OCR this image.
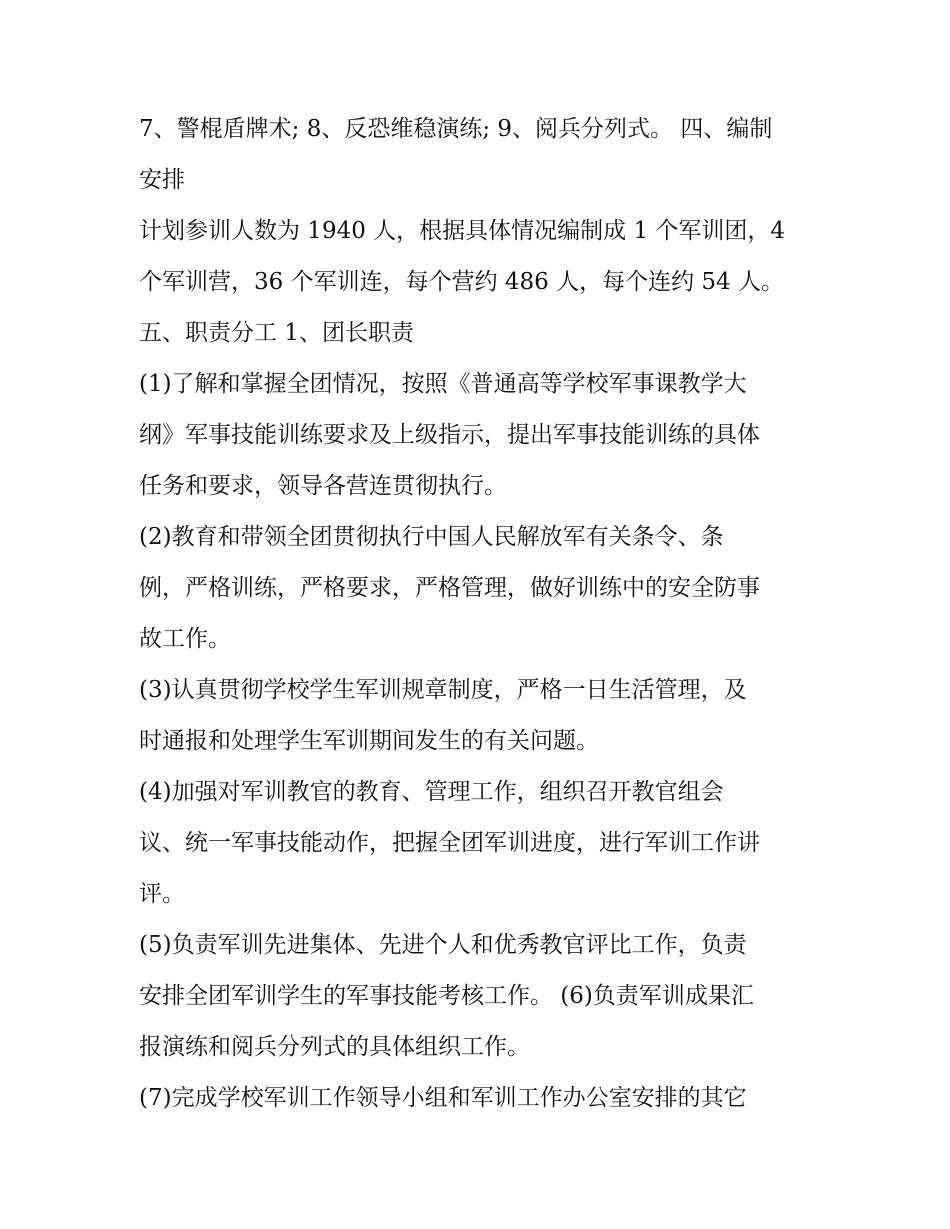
7、警棍盾牌术; 8、反恐维稳演练; 9、阅兵分列式。 四、编制
安排
计划参训人数为 1940 人，根据具体情况编制成 1 个军训团，4
个军训营，36 个军训连，每个营约 486 人，每个连约 54 人。
五、职责分工 1、团长职责
(1)了解和掌握全团情况，按照《普通高等学校军事课教学大
纲》军事技能训练要求及上级指示，提出军事技能训练的具体
任务和要求，领导各营连贯彻执行。
(2)教育和带领全团贯彻执行中国人民解放军有关条令、条
例，严格训练，严格要求，严格管理，做好训练中的安全防事
故工作。
(3)认真贯彻学校学生军训规章制度，严格一日生活管理，及
时通报和处理学生军训期间发生的有关问题。
(4)加强对军训教官的教育、管理工作，组织召开教官组会
议、统一军事技能动作，把握全团军训进度，进行军训工作讲
评。
(5)负责军训先进集体、先进个人和优秀教官评比工作，负责
安排全团军训学生的军事技能考核工作。 (6)负责军训成果汇
报演练和阅兵分列式的具体组织工作。
(7)完成学校军训工作领导小组和军训工作办公室安排的其它
